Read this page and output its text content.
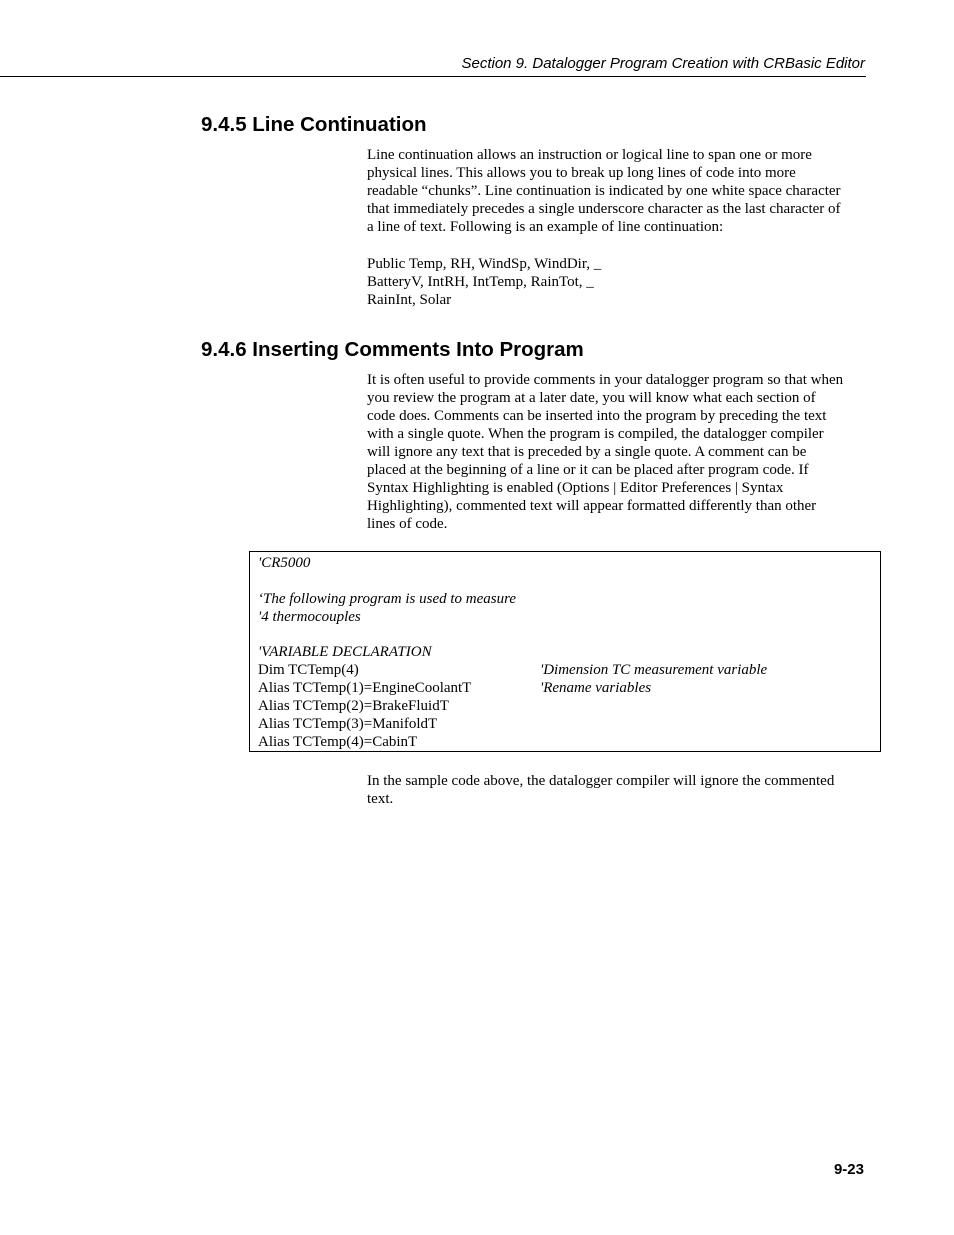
Section 9. Datalogger Program Creation with CRBasic Editor
9.4.5 Line Continuation

Line continuation allows an instruction or logical line to span one or more
physical lines. This allows you to break up long lines of code into more
readable “chunks”. Line continuation is indicated by one white space character
that immediately precedes a single underscore character as the last character of
a line of text. Following is an example of line continuation:

Public Temp, RH, WindSp, WindDir, _
BatteryV, IntRH, IntTemp, RainTot, _
RainInt, Solar
9.4.6 Inserting Comments Into Program

It is often useful to provide comments in your datalogger program so that when
you review the program at a later date, you will know what each section of
code does. Comments can be inserted into the program by preceding the text
with a single quote. When the program is compiled, the datalogger compiler
will ignore any text that is preceded by a single quote. A comment can be
placed at the beginning of a line or it can be placed after program code. If
Syntax Highlighting is enabled (Options | Editor Preferences | Syntax
Highlighting), commented text will appear formatted differently than other
lines of code.

'CR5000
‘The following program is used to measure
'4 thermocouples
'VARIABLE DECLARATION
Dim TCTemp(4)	'Dimension TC measurement variable
Alias TCTemp(1)=EngineCoolantT	'Rename variables
Alias TCTemp(2)=BrakeFluidT
Alias TCTemp(3)=ManifoldT
Alias TCTemp(4)=CabinT

In the sample code above, the datalogger compiler will ignore the commented
text.

9-23
